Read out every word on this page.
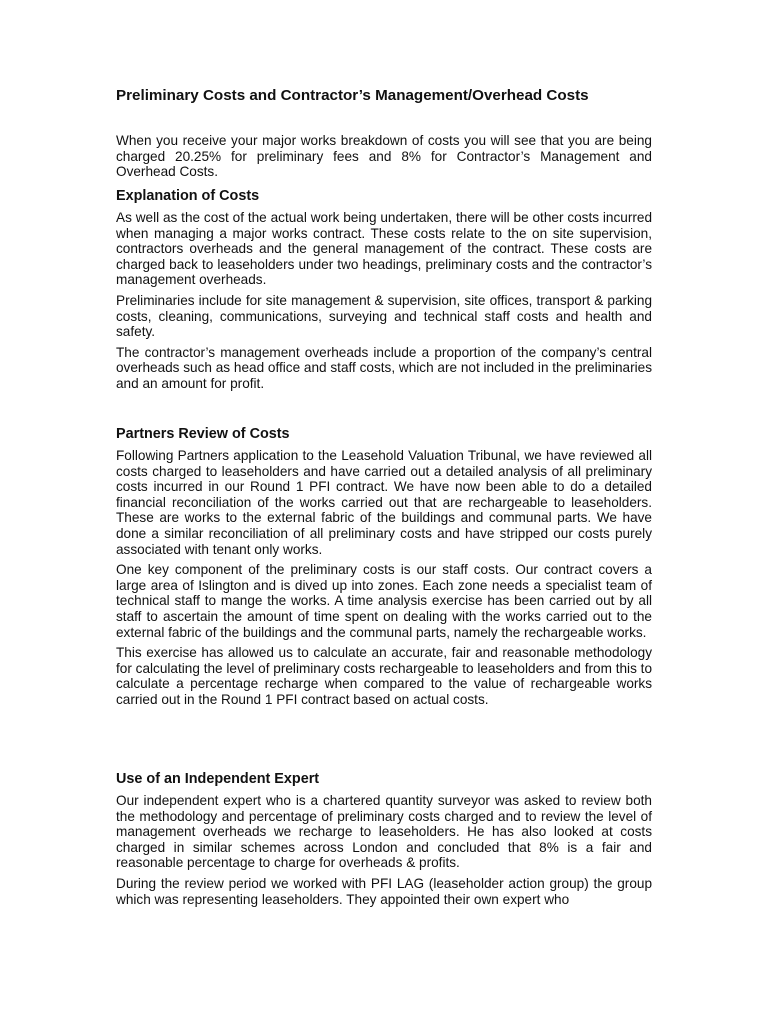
Preliminary Costs and Contractor’s Management/Overhead Costs

When you receive your major works breakdown of costs you will see that you are being charged 20.25% for preliminary fees and 8% for Contractor’s Management and Overhead Costs.

Explanation of Costs

As well as the cost of the actual work being undertaken, there will be other costs incurred when managing a major works contract. These costs relate to the on site supervision, contractors overheads and the general management of the contract. These costs are charged back to leaseholders under two headings, preliminary costs and the contractor’s management overheads.

Preliminaries include for site management & supervision, site offices, transport & parking costs, cleaning, communications, surveying and technical staff costs and health and safety.

The contractor’s management overheads include a proportion of the company’s central overheads such as head office and staff costs, which are not included in the preliminaries and an amount for profit.

Partners Review of Costs

Following Partners application to the Leasehold Valuation Tribunal, we have reviewed all costs charged to leaseholders and have carried out a detailed analysis of all preliminary costs incurred in our Round 1 PFI contract. We have now been able to do a detailed financial reconciliation of the works carried out that are rechargeable to leaseholders. These are works to the external fabric of the buildings and communal parts. We have done a similar reconciliation of all preliminary costs and have stripped our costs purely associated with tenant only works.

One key component of the preliminary costs is our staff costs. Our contract covers a large area of Islington and is dived up into zones. Each zone needs a specialist team of technical staff to mange the works. A time analysis exercise has been carried out by all staff to ascertain the amount of time spent on dealing with the works carried out to the external fabric of the buildings and the communal parts, namely the rechargeable works.

This exercise has allowed us to calculate an accurate, fair and reasonable methodology for calculating the level of preliminary costs rechargeable to leaseholders and from this to calculate a percentage recharge when compared to the value of rechargeable works carried out in the Round 1 PFI contract based on actual costs.

Use of an Independent Expert

Our independent expert who is a chartered quantity surveyor was asked to review both the methodology and percentage of preliminary costs charged and to review the level of management overheads we recharge to leaseholders. He has also looked at costs charged in similar schemes across London and concluded that 8% is a fair and reasonable percentage to charge for overheads & profits.

During the review period we worked with PFI LAG (leaseholder action group) the group which was representing leaseholders. They appointed their own expert who
